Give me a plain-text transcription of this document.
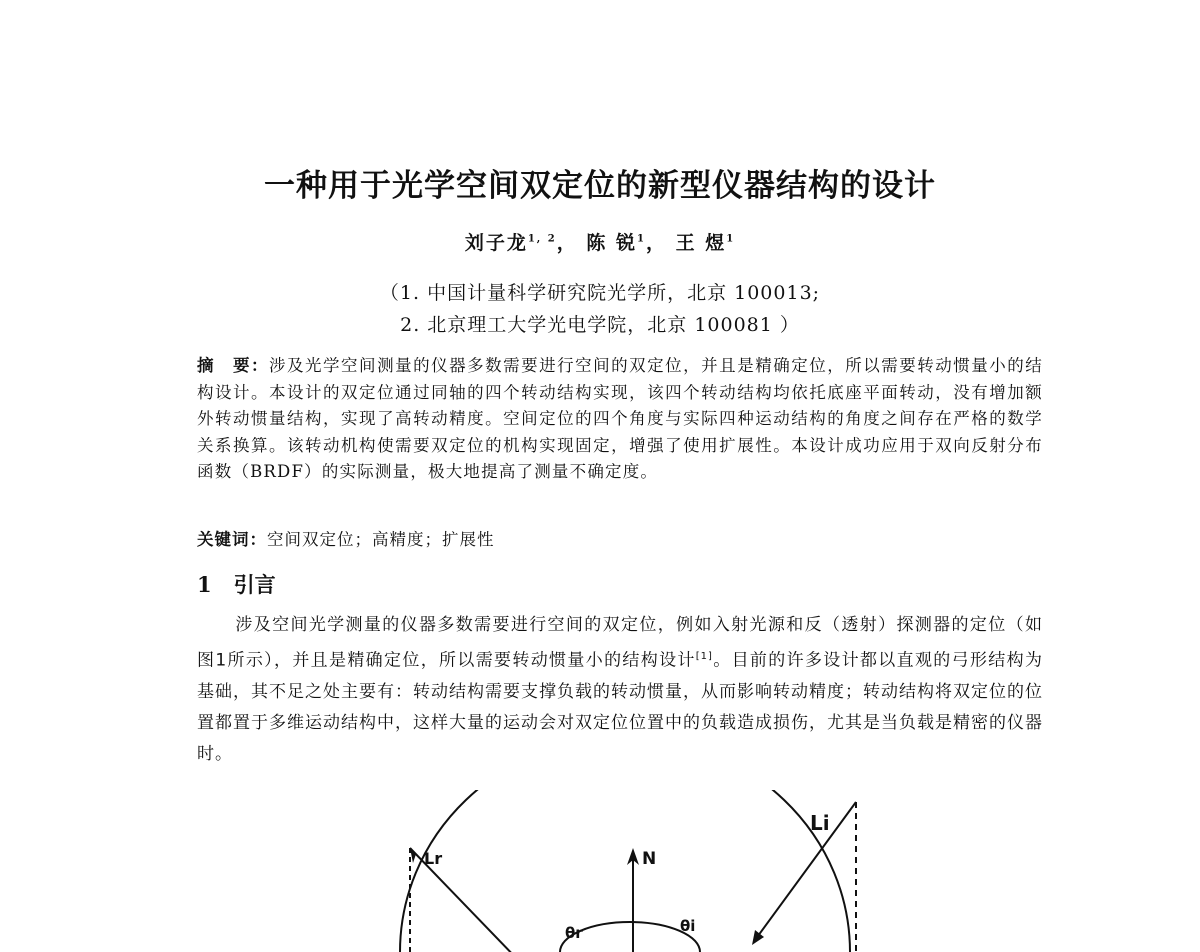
一种用于光学空间双定位的新型仪器结构的设计
刘子龙$^{1, 2}$， 陈 锐$^1$， 王 煜$^1$
（1. 中国计量科学研究院光学所，北京 100013;
2. 北京理工大学光电学院，北京 100081 ）
摘　要：涉及光学空间测量的仪器多数需要进行空间的双定位，并且是精确定位，所以需要转动惯量小的结构设计。本设计的双定位通过同轴的四个转动结构实现，该四个转动结构均依托底座平面转动，没有增加额外转动惯量结构，实现了高转动精度。空间定位的四个角度与实际四种运动结构的角度之间存在严格的数学关系换算。该转动机构使需要双定位的机构实现固定，增强了使用扩展性。本设计成功应用于双向反射分布函数（BRDF）的实际测量，极大地提高了测量不确定度。
关键词：空间双定位；高精度；扩展性
1 引言
涉及空间光学测量的仪器多数需要进行空间的双定位，例如入射光源和反（透射）探测器的定位（如图1所示），并且是精确定位，所以需要转动惯量小的结构设计[1]。目前的许多设计都以直观的弓形结构为基础，其不足之处主要有：转动结构需要支撑负载的转动惯量，从而影响转动精度；转动结构将双定位的位置都置于多维运动结构中，这样大量的运动会对双定位位置中的负载造成损伤，尤其是当负载是精密的仪器时。
Li
Lr	N
θr	θi
